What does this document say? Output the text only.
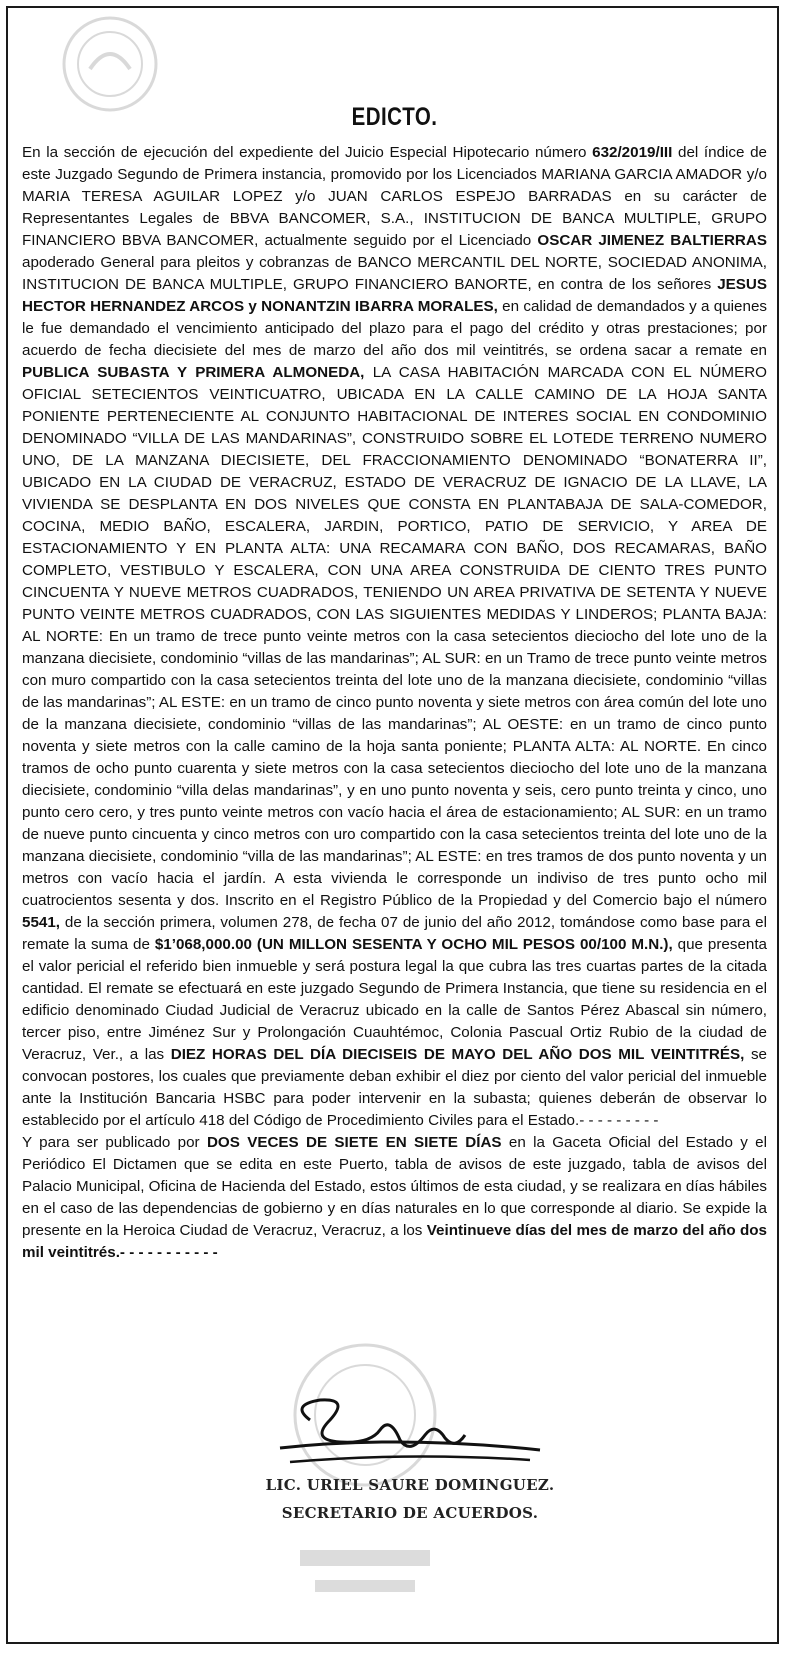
EDICTO.

En la sección de ejecución del expediente del Juicio Especial Hipotecario número 632/2019/III del índice de este Juzgado Segundo de Primera instancia, promovido por los Licenciados MARIANA GARCIA AMADOR y/o MARIA TERESA AGUILAR LOPEZ y/o JUAN CARLOS ESPEJO BARRADAS en su carácter de Representantes Legales de BBVA BANCOMER, S.A., INSTITUCION DE BANCA MULTIPLE, GRUPO FINANCIERO BBVA BANCOMER, actualmente seguido por el Licenciado OSCAR JIMENEZ BALTIERRAS apoderado General para pleitos y cobranzas de BANCO MERCANTIL DEL NORTE, SOCIEDAD ANONIMA, INSTITUCION DE BANCA MULTIPLE, GRUPO FINANCIERO BANORTE, en contra de los señores JESUS HECTOR HERNANDEZ ARCOS y NONANTZIN IBARRA MORALES, en calidad de demandados y a quienes le fue demandado el vencimiento anticipado del plazo para el pago del crédito y otras prestaciones; por acuerdo de fecha diecisiete del mes de marzo del año dos mil veintitrés, se ordena sacar a remate en PUBLICA SUBASTA Y PRIMERA ALMONEDA, LA CASA HABITACIÓN MARCADA CON EL NÚMERO OFICIAL SETECIENTOS VEINTICUATRO, UBICADA EN LA CALLE CAMINO DE LA HOJA SANTA PONIENTE PERTENECIENTE AL CONJUNTO HABITACIONAL DE INTERES SOCIAL EN CONDOMINIO DENOMINADO “VILLA DE LAS MANDARINAS”, CONSTRUIDO SOBRE EL LOTEDE TERRENO NUMERO UNO, DE LA MANZANA DIECISIETE, DEL FRACCIONAMIENTO DENOMINADO “BONATERRA II”, UBICADO EN LA CIUDAD DE VERACRUZ, ESTADO DE VERACRUZ DE IGNACIO DE LA LLAVE, LA VIVIENDA SE DESPLANTA EN DOS NIVELES QUE CONSTA EN PLANTABAJA DE SALA-COMEDOR, COCINA, MEDIO BAÑO, ESCALERA, JARDIN, PORTICO, PATIO DE SERVICIO, Y AREA DE ESTACIONAMIENTO Y EN PLANTA ALTA: UNA RECAMARA CON BAÑO, DOS RECAMARAS, BAÑO COMPLETO, VESTIBULO Y ESCALERA, CON UNA AREA CONSTRUIDA DE CIENTO TRES PUNTO CINCUENTA Y NUEVE METROS CUADRADOS, TENIENDO UN AREA PRIVATIVA DE SETENTA Y NUEVE PUNTO VEINTE METROS CUADRADOS, CON LAS SIGUIENTES MEDIDAS Y LINDEROS; PLANTA BAJA: AL NORTE: En un tramo de trece punto veinte metros con la casa setecientos dieciocho del lote uno de la manzana diecisiete, condominio “villas de las mandarinas”; AL SUR: en un Tramo de trece punto veinte metros con muro compartido con la casa setecientos treinta del lote uno de la manzana diecisiete, condominio “villas de las mandarinas”; AL ESTE: en un tramo de cinco punto noventa y siete metros con área común del lote uno de la manzana diecisiete, condominio “villas de las mandarinas”; AL OESTE: en un tramo de cinco punto noventa y siete metros con la calle camino de la hoja santa poniente; PLANTA ALTA: AL NORTE. En cinco tramos de ocho punto cuarenta y siete metros con la casa setecientos dieciocho del lote uno de la manzana diecisiete, condominio “villa delas mandarinas”, y en uno punto noventa y seis, cero punto treinta y cinco, uno punto cero cero, y tres punto veinte metros con vacío hacia el área de estacionamiento; AL SUR: en un tramo de nueve punto cincuenta y cinco metros con uro compartido con la casa setecientos treinta del lote uno de la manzana diecisiete, condominio “villa de las mandarinas”; AL ESTE: en tres tramos de dos punto noventa y un metros con vacío hacia el jardín. A esta vivienda le corresponde un indiviso de tres punto ocho mil cuatrocientos sesenta y dos. Inscrito en el Registro Público de la Propiedad y del Comercio bajo el número 5541, de la sección primera, volumen 278, de fecha 07 de junio del año 2012, tomándose como base para el remate la suma de $1’068,000.00 (UN MILLON SESENTA Y OCHO MIL PESOS 00/100 M.N.), que presenta el valor pericial el referido bien inmueble y será postura legal la que cubra las tres cuartas partes de la citada cantidad. El remate se efectuará en este juzgado Segundo de Primera Instancia, que tiene su residencia en el edificio denominado Ciudad Judicial de Veracruz ubicado en la calle de Santos Pérez Abascal sin número, tercer piso, entre Jiménez Sur y Prolongación Cuauhtémoc, Colonia Pascual Ortiz Rubio de la ciudad de Veracruz, Ver., a las DIEZ HORAS DEL DÍA DIECISEIS DE MAYO DEL AÑO DOS MIL VEINTITRÉS, se convocan postores, los cuales que previamente deban exhibir el diez por ciento del valor pericial del inmueble ante la Institución Bancaria HSBC para poder intervenir en la subasta; quienes deberán de observar lo establecido por el artículo 418 del Código de Procedimiento Civiles para el Estado.- - - - - - - - -

Y para ser publicado por DOS VECES DE SIETE EN SIETE DÍAS en la Gaceta Oficial del Estado y el Periódico El Dictamen que se edita en este Puerto, tabla de avisos de este juzgado, tabla de avisos del Palacio Municipal, Oficina de Hacienda del Estado, estos últimos de esta ciudad, y se realizara en días hábiles en el caso de las dependencias de gobierno y en días naturales en lo que corresponde al diario. Se expide la presente en la Heroica Ciudad de Veracruz, Veracruz, a los Veintinueve días del mes de marzo del año dos mil veintitrés.- - - - - - - - - - -

LIC. URIEL SAURE DOMINGUEZ.
SECRETARIO DE ACUERDOS.
